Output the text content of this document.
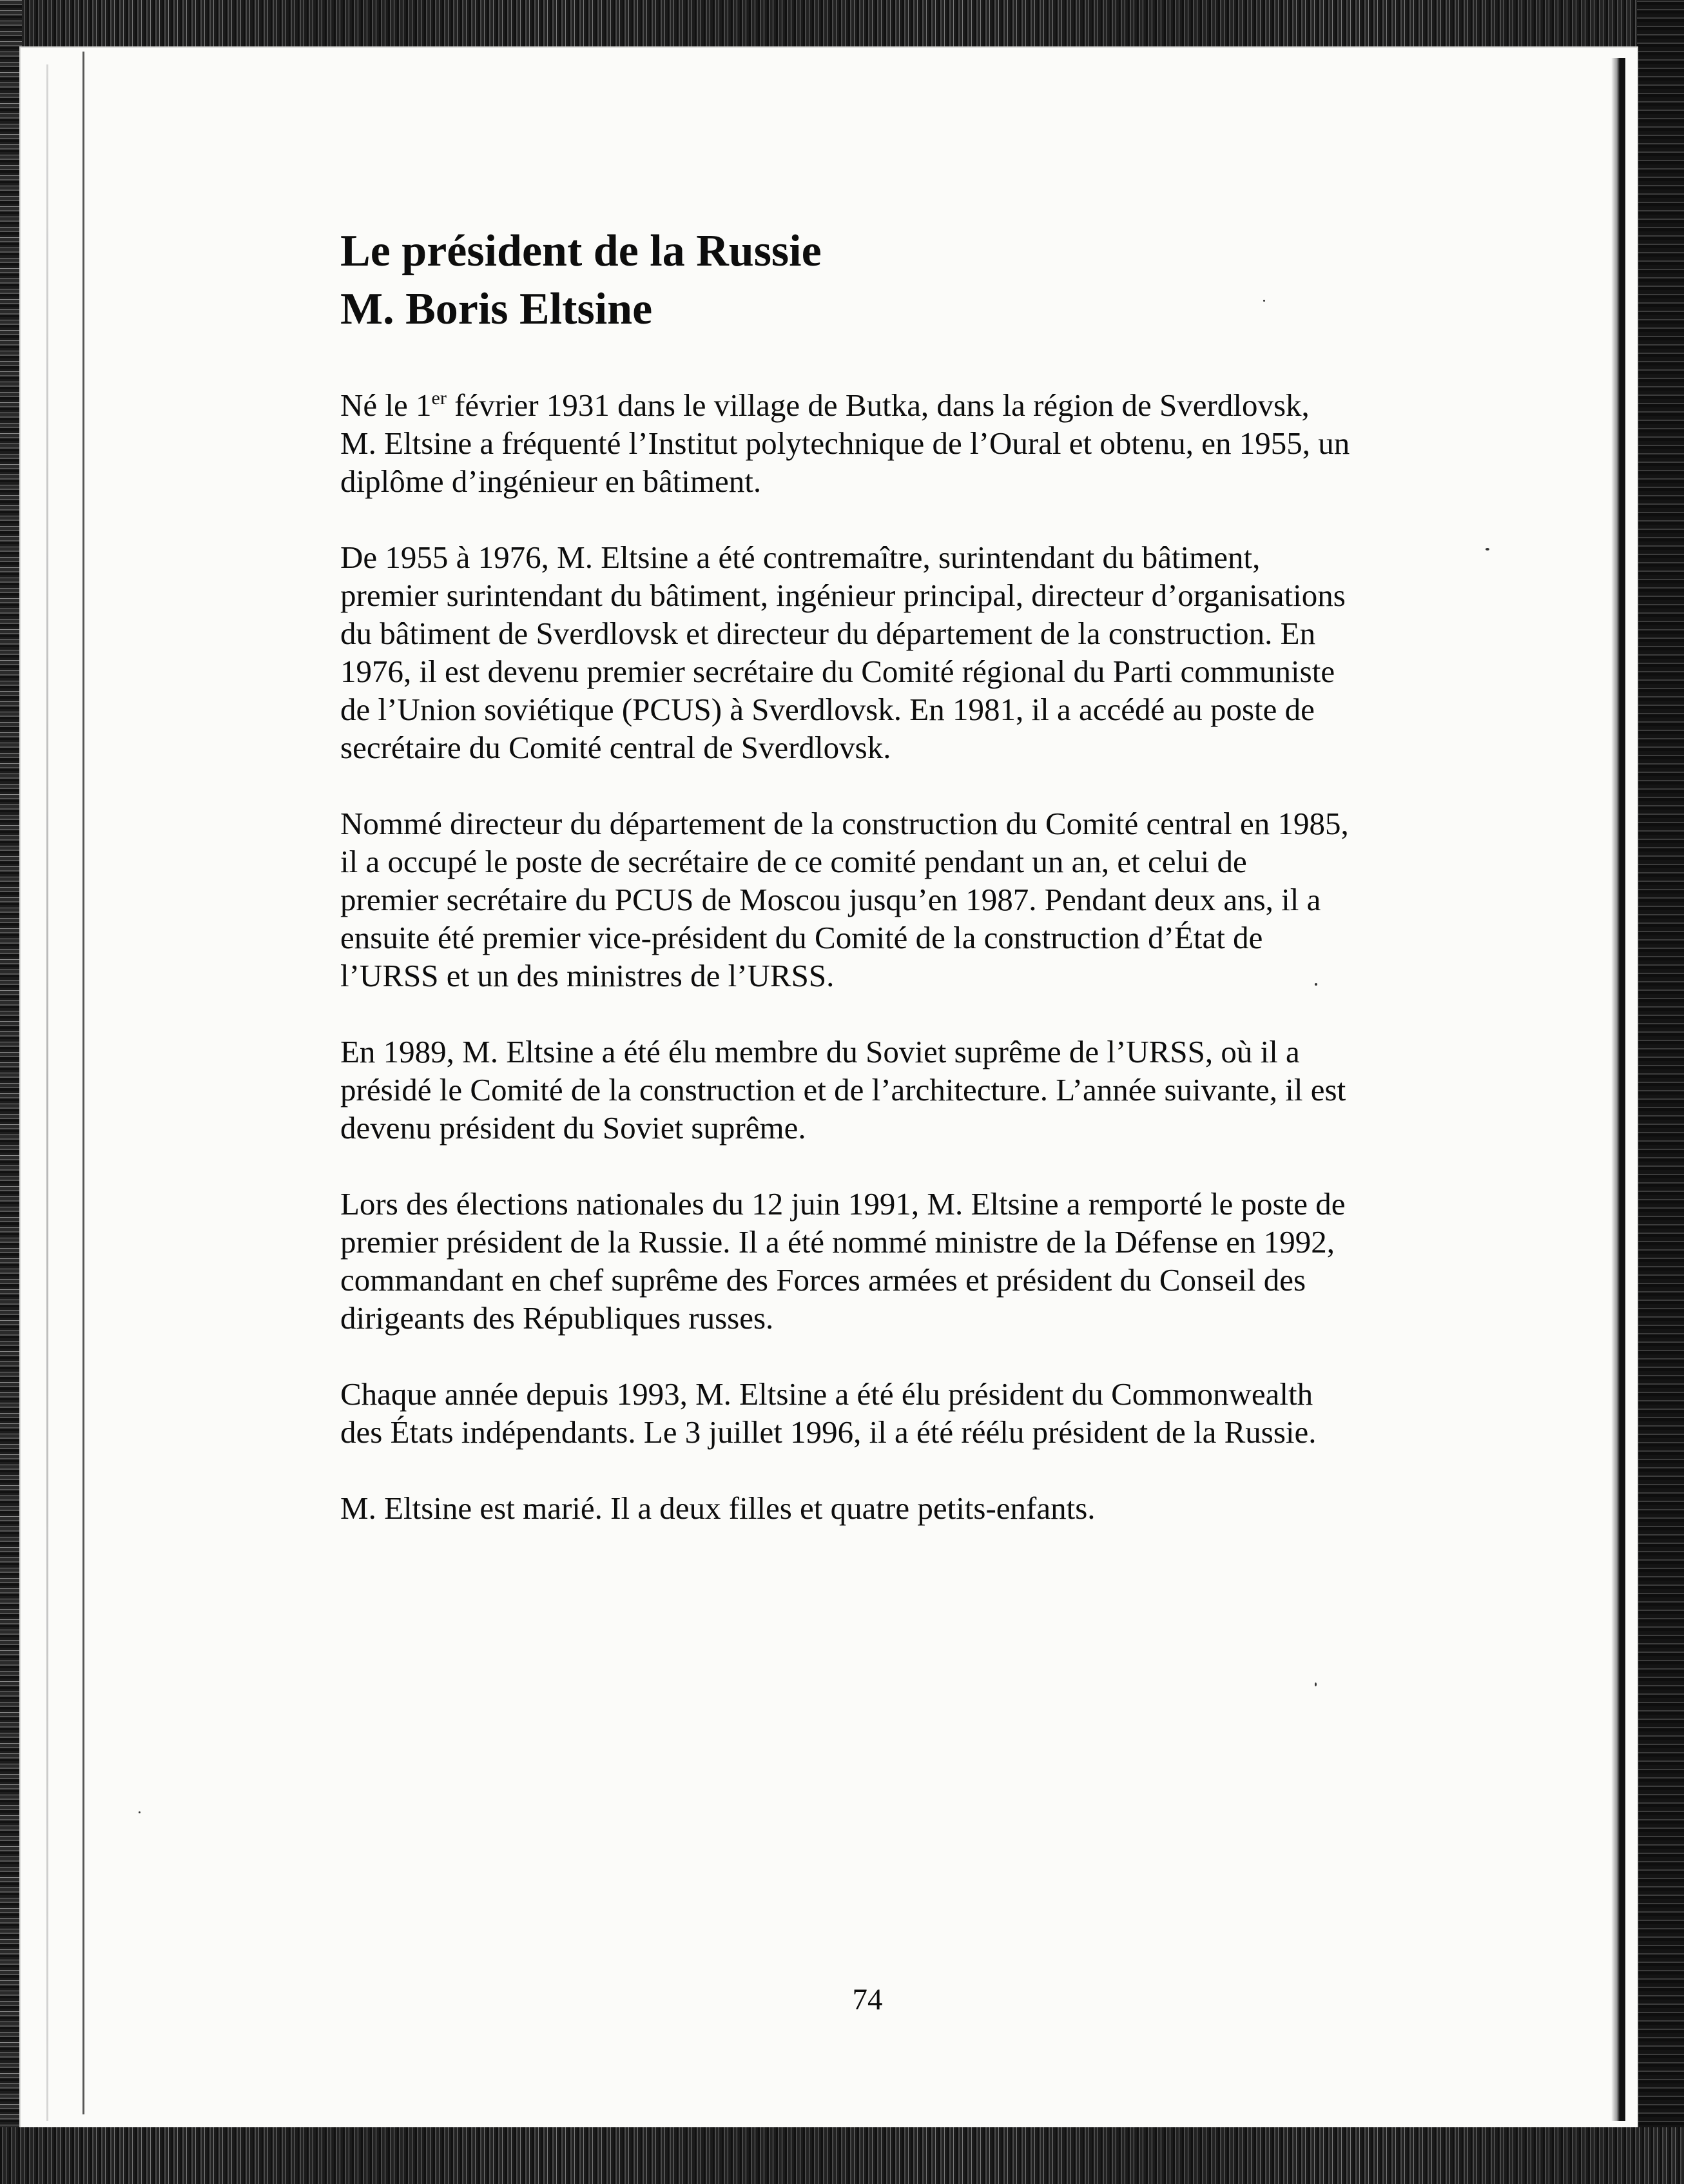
Le président de la Russie
M. Boris Eltsine
Né le 1er février 1931 dans le village de Butka, dans la région de Sverdlovsk,
M. Eltsine a fréquenté l’Institut polytechnique de l’Oural et obtenu, en 1955, un
diplôme d’ingénieur en bâtiment.
De 1955 à 1976, M. Eltsine a été contremaître, surintendant du bâtiment,
premier surintendant du bâtiment, ingénieur principal, directeur d’organisations
du bâtiment de Sverdlovsk et directeur du département de la construction. En
1976, il est devenu premier secrétaire du Comité régional du Parti communiste
de l’Union soviétique (PCUS) à Sverdlovsk. En 1981, il a accédé au poste de
secrétaire du Comité central de Sverdlovsk.
Nommé directeur du département de la construction du Comité central en 1985,
il a occupé le poste de secrétaire de ce comité pendant un an, et celui de
premier secrétaire du PCUS de Moscou jusqu’en 1987. Pendant deux ans, il a
ensuite été premier vice-président du Comité de la construction d’État de
l’URSS et un des ministres de l’URSS.
En 1989, M. Eltsine a été élu membre du Soviet suprême de l’URSS, où il a
présidé le Comité de la construction et de l’architecture. L’année suivante, il est
devenu président du Soviet suprême.
Lors des élections nationales du 12 juin 1991, M. Eltsine a remporté le poste de
premier président de la Russie. Il a été nommé ministre de la Défense en 1992,
commandant en chef suprême des Forces armées et président du Conseil des
dirigeants des Républiques russes.
Chaque année depuis 1993, M. Eltsine a été élu président du Commonwealth
des États indépendants. Le 3 juillet 1996, il a été réélu président de la Russie.
M. Eltsine est marié. Il a deux filles et quatre petits-enfants.
74
